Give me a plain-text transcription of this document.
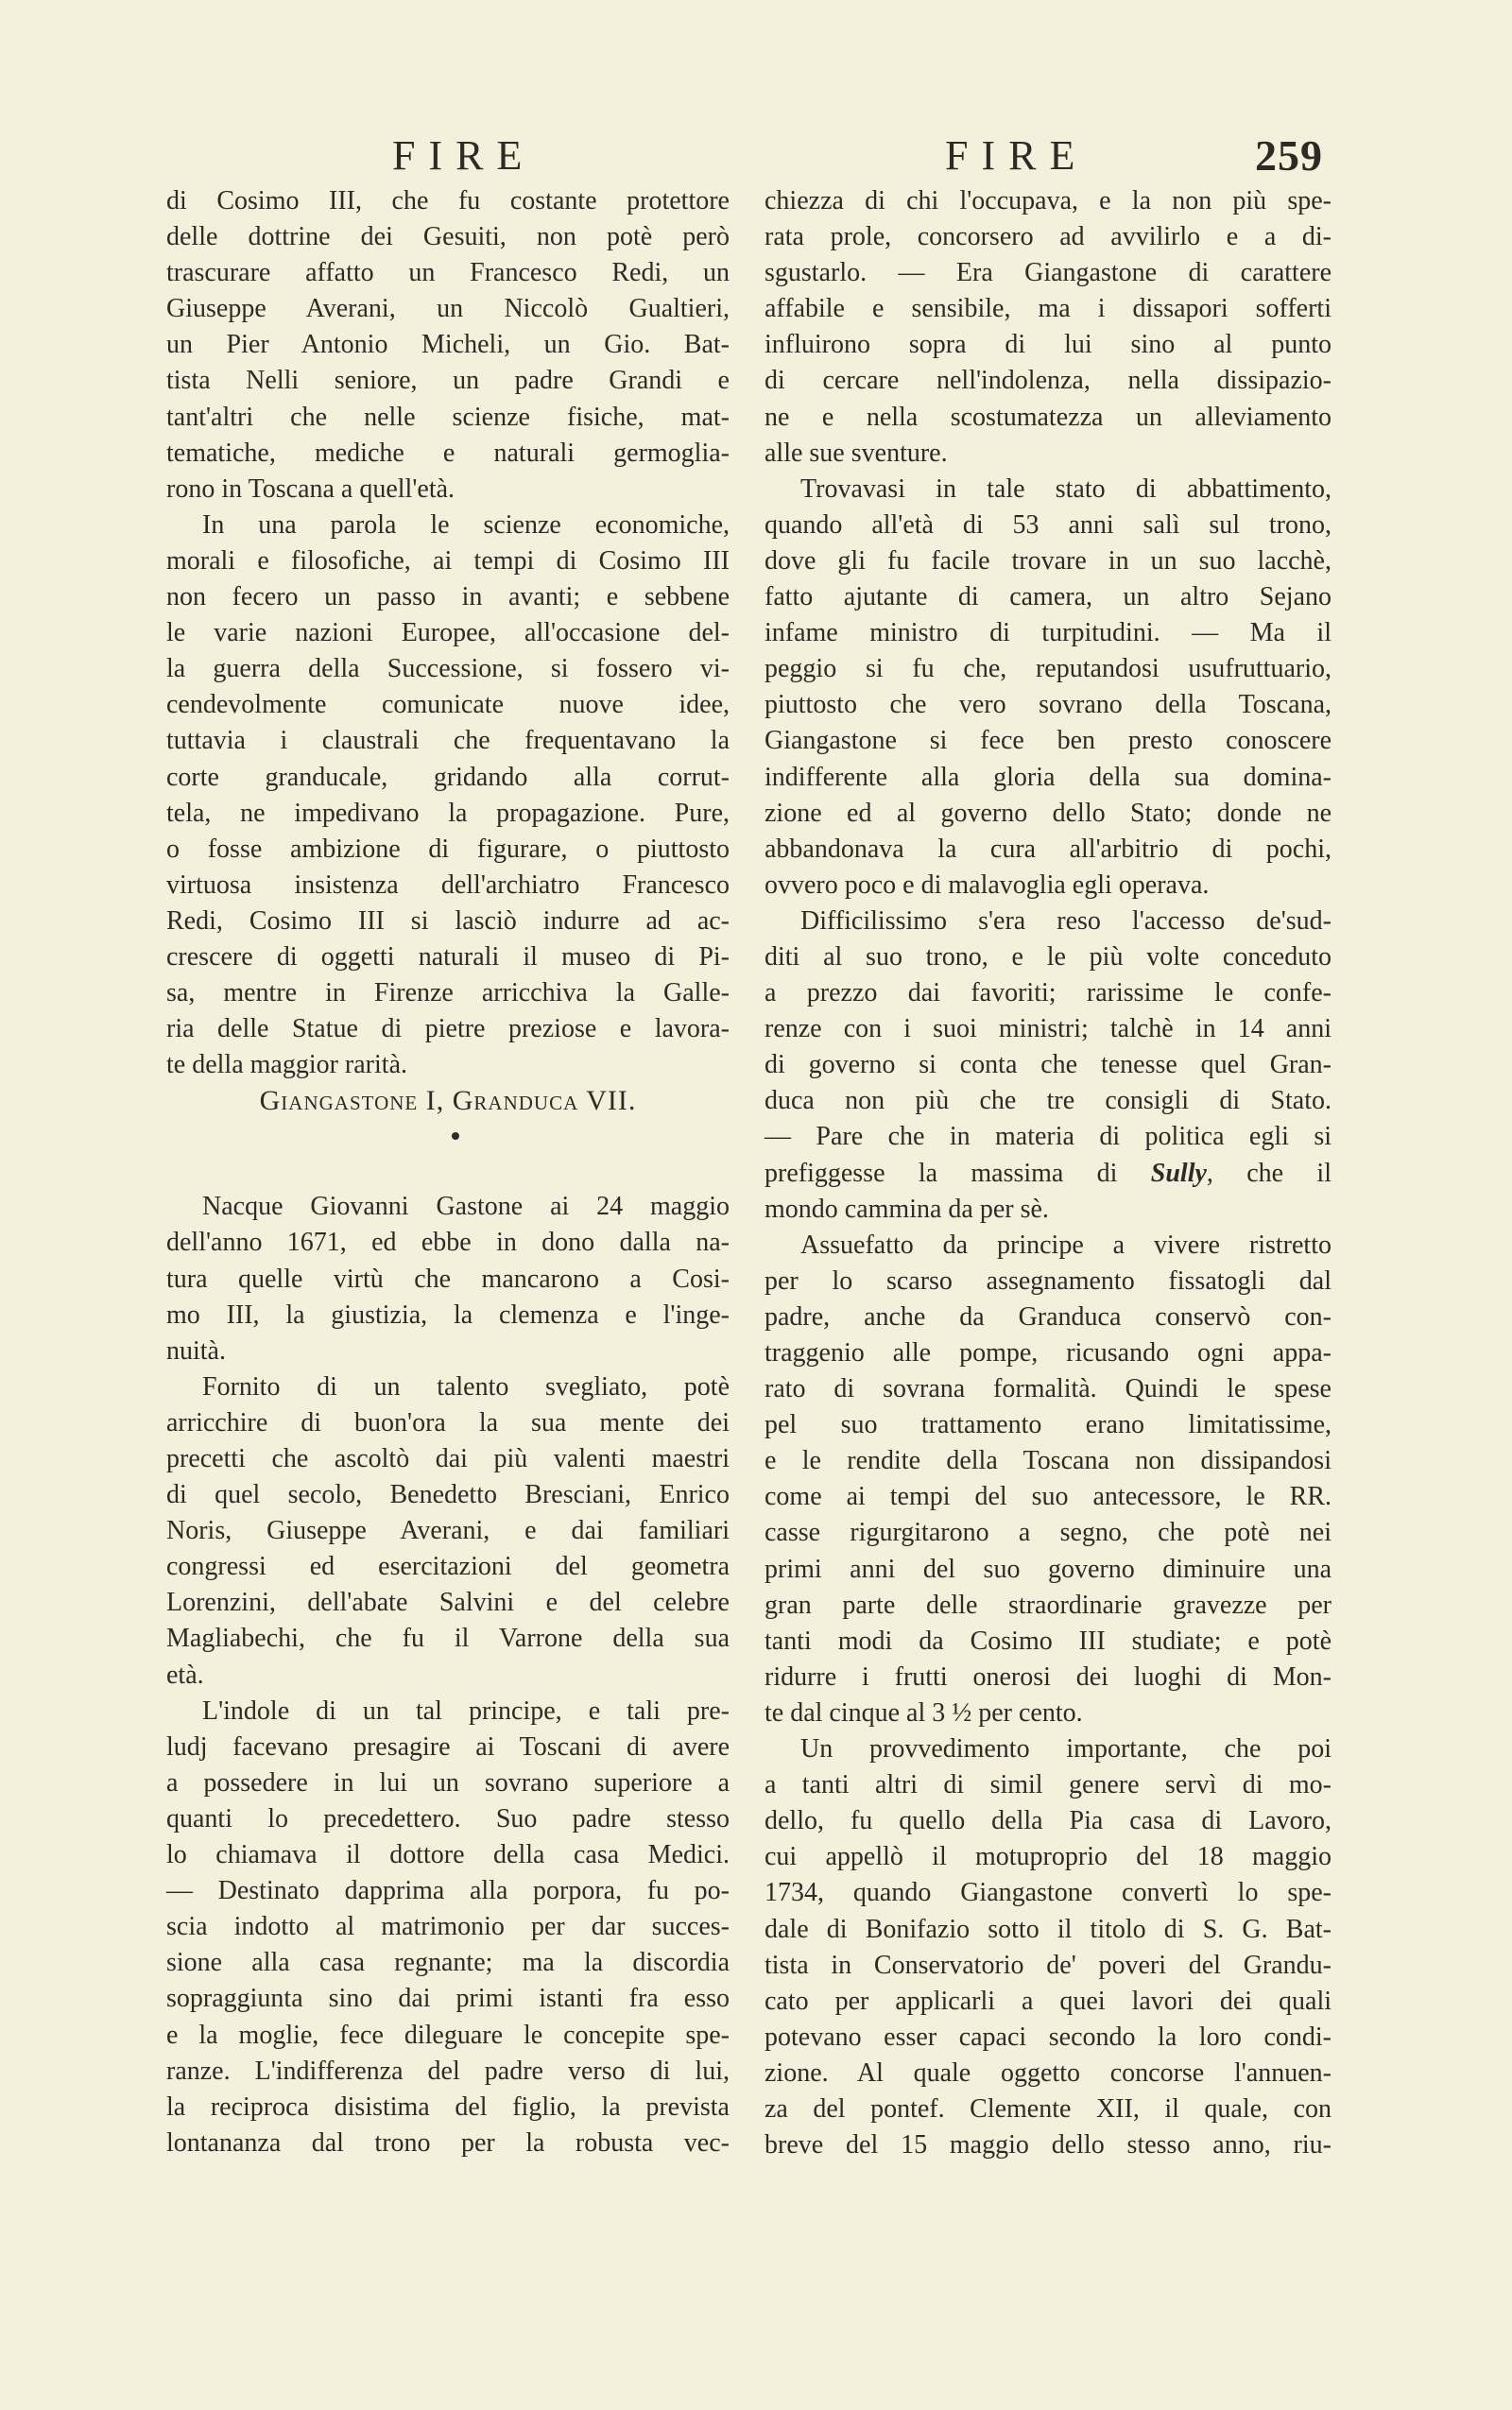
FIRE	FIRE	259
di Cosimo III, che fu costante protettore
delle dottrine dei Gesuiti, non potè però
trascurare affatto un Francesco Redi, un
Giuseppe Averani, un Niccolò Gualtieri,
un Pier Antonio Micheli, un Gio. Bat-
tista Nelli seniore, un padre Grandi e
tant'altri che nelle scienze fisiche, mat-
tematiche, mediche e naturali germoglia-
rono in Toscana a quell'età.
In una parola le scienze economiche,
morali e filosofiche, ai tempi di Cosimo III
non fecero un passo in avanti; e sebbene
le varie nazioni Europee, all'occasione del-
la guerra della Successione, si fossero vi-
cendevolmente comunicate nuove idee,
tuttavia i claustrali che frequentavano la
corte granducale, gridando alla corrut-
tela, ne impedivano la propagazione. Pure,
o fosse ambizione di figurare, o piuttosto
virtuosa insistenza dell'archiatro Francesco
Redi, Cosimo III si lasciò indurre ad ac-
crescere di oggetti naturali il museo di Pi-
sa, mentre in Firenze arricchiva la Galle-
ria delle Statue di pietre preziose e lavora-
te della maggior rarità.
Giangastone I, Granduca VII.
Nacque Giovanni Gastone ai 24 maggio
dell'anno 1671, ed ebbe in dono dalla na-
tura quelle virtù che mancarono a Cosi-
mo III, la giustizia, la clemenza e l'inge-
nuità.
Fornito di un talento svegliato, potè
arricchire di buon'ora la sua mente dei
precetti che ascoltò dai più valenti maestri
di quel secolo, Benedetto Bresciani, Enrico
Noris, Giuseppe Averani, e dai familiari
congressi ed esercitazioni del geometra
Lorenzini, dell'abate Salvini e del celebre
Magliabechi, che fu il Varrone della sua
età.
L'indole di un tal principe, e tali pre-
ludj facevano presagire ai Toscani di avere
a possedere in lui un sovrano superiore a
quanti lo precedettero. Suo padre stesso
lo chiamava il dottore della casa Medici.
— Destinato dapprima alla porpora, fu po-
scia indotto al matrimonio per dar succes-
sione alla casa regnante; ma la discordia
sopraggiunta sino dai primi istanti fra esso
e la moglie, fece dileguare le concepite spe-
ranze. L'indifferenza del padre verso di lui,
la reciproca disistima del figlio, la prevista
lontananza dal trono per la robusta vec-
chiezza di chi l'occupava, e la non più spe-
rata prole, concorsero ad avvilirlo e a di-
sgustarlo. — Era Giangastone di carattere
affabile e sensibile, ma i dissapori sofferti
influirono sopra di lui sino al punto
di cercare nell'indolenza, nella dissipazio-
ne e nella scostumatezza un alleviamento
alle sue sventure.
Trovavasi in tale stato di abbattimento,
quando all'età di 53 anni salì sul trono,
dove gli fu facile trovare in un suo lacchè,
fatto ajutante di camera, un altro Sejano
infame ministro di turpitudini. — Ma il
peggio si fu che, reputandosi usufruttuario,
piuttosto che vero sovrano della Toscana,
Giangastone si fece ben presto conoscere
indifferente alla gloria della sua domina-
zione ed al governo dello Stato; donde ne
abbandonava la cura all'arbitrio di pochi,
ovvero poco e di malavoglia egli operava.
Difficilissimo s'era reso l'accesso de'sud-
diti al suo trono, e le più volte conceduto
a prezzo dai favoriti; rarissime le confe-
renze con i suoi ministri; talchè in 14 anni
di governo si conta che tenesse quel Gran-
duca non più che tre consigli di Stato.
— Pare che in materia di politica egli si
prefiggesse la massima di Sully, che il
mondo cammina da per sè.
Assuefatto da principe a vivere ristretto
per lo scarso assegnamento fissatogli dal
padre, anche da Granduca conservò con-
traggenio alle pompe, ricusando ogni appa-
rato di sovrana formalità. Quindi le spese
pel suo trattamento erano limitatissime,
e le rendite della Toscana non dissipandosi
come ai tempi del suo antecessore, le RR.
casse rigurgitarono a segno, che potè nei
primi anni del suo governo diminuire una
gran parte delle straordinarie gravezze per
tanti modi da Cosimo III studiate; e potè
ridurre i frutti onerosi dei luoghi di Mon-
te dal cinque al 3 ½ per cento.
Un provvedimento importante, che poi
a tanti altri di simil genere servì di mo-
dello, fu quello della Pia casa di Lavoro,
cui appellò il motuproprio del 18 maggio
1734, quando Giangastone convertì lo spe-
dale di Bonifazio sotto il titolo di S. G. Bat-
tista in Conservatorio de' poveri del Grandu-
cato per applicarli a quei lavori dei quali
potevano esser capaci secondo la loro condi-
zione. Al quale oggetto concorse l'annuen-
za del pontef. Clemente XII, il quale, con
breve del 15 maggio dello stesso anno, riu-
